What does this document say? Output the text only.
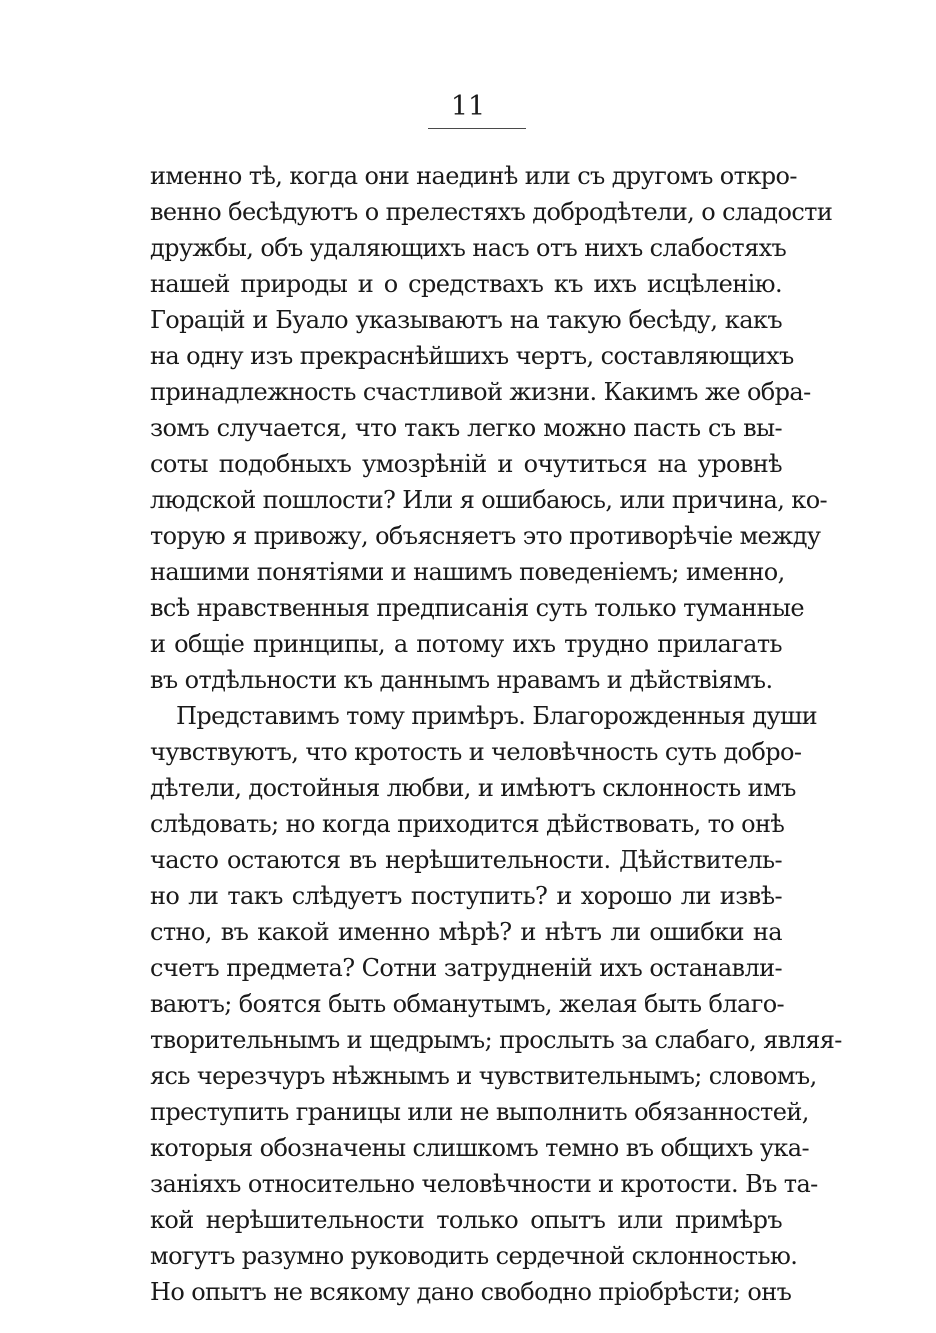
11
именно тѣ, когда они наединѣ или съ другомъ откро-
венно бесѣдуютъ о прелестяхъ добродѣтели, о сладости
дружбы, объ удаляющихъ насъ отъ нихъ слабостяхъ
нашей природы и о средствахъ къ ихъ исцѣленію.
Горацій и Буало указываютъ на такую бесѣду, какъ
на одну изъ прекраснѣйшихъ чертъ, составляющихъ
принадлежность счастливой жизни. Какимъ же обра-
зомъ случается, что такъ легко можно пасть съ вы-
соты подобныхъ умозрѣній и очутиться на уровнѣ
людской пошлости? Или я ошибаюсь, или причина, ко-
торую я привожу, объясняетъ это противорѣчіе между
нашими понятіями и нашимъ поведеніемъ; именно,
всѣ нравственныя предписанія суть только туманные
и общіе принципы, а потому ихъ трудно прилагать
въ отдѣльности къ даннымъ нравамъ и дѣйствіямъ.
Представимъ тому примѣръ. Благорожденныя души
чувствуютъ, что кротость и человѣчность суть добро-
дѣтели, достойныя любви, и имѣютъ склонность имъ
слѣдовать; но когда приходится дѣйствовать, то онѣ
часто остаются въ нерѣшительности. Дѣйствитель-
но ли такъ слѣдуетъ поступить? и хорошо ли извѣ-
стно, въ какой именно мѣрѣ? и нѣтъ ли ошибки на
счетъ предмета? Сотни затрудненій ихъ останавли-
ваютъ; боятся быть обманутымъ, желая быть благо-
творительнымъ и щедрымъ; прослыть за слабаго, являя-
ясь черезчуръ нѣжнымъ и чувствительнымъ; словомъ,
преступить границы или не выполнить обязанностей,
которыя обозначены слишкомъ темно въ общихъ ука-
заніяхъ относительно человѣчности и кротости. Въ та-
кой нерѣшительности только опытъ или примѣръ
могутъ разумно руководить сердечной склонностью.
Но опытъ не всякому дано свободно пріобрѣсти; онъ
